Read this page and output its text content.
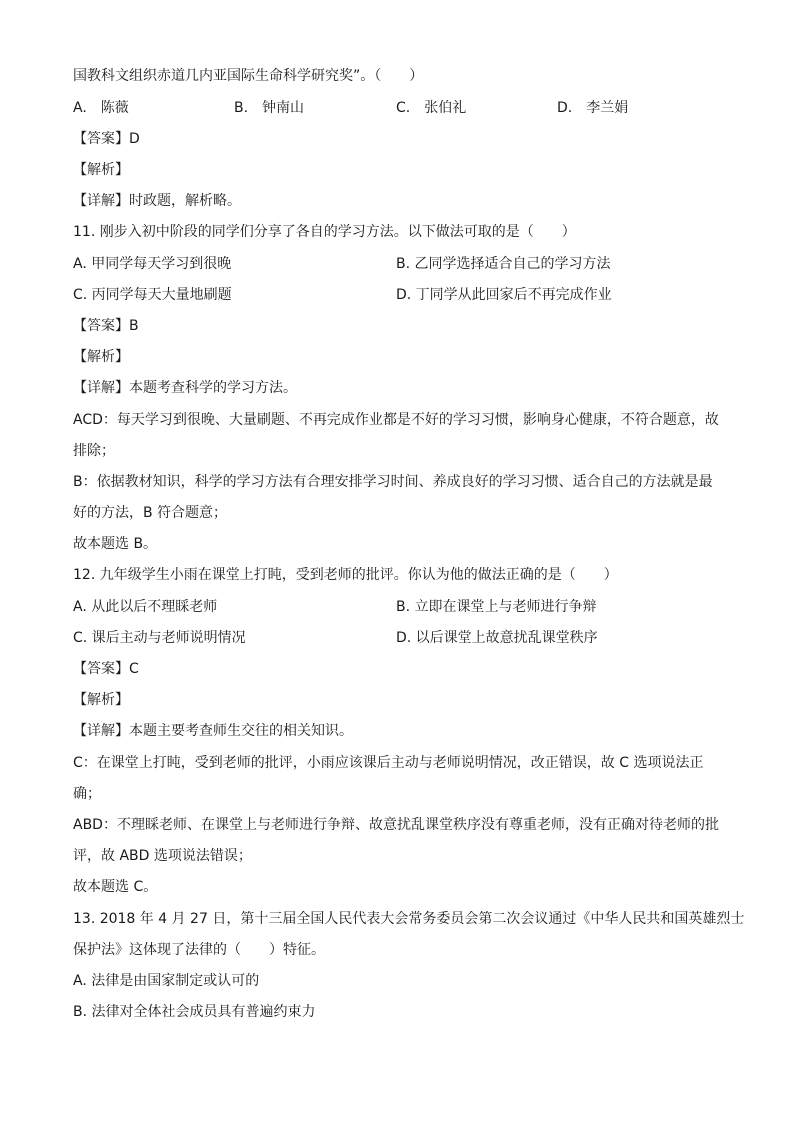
国教科文组织赤道几内亚国际生命科学研究奖”。（　　）
A.　陈薇	B.　钟南山	C.　张伯礼	D.　李兰娟
【答案】D
【解析】
【详解】时政题，解析略。
11. 刚步入初中阶段的同学们分享了各自的学习方法。以下做法可取的是（　　）
A. 甲同学每天学习到很晚	B. 乙同学选择适合自己的学习方法
C. 丙同学每天大量地刷题	D. 丁同学从此回家后不再完成作业
【答案】B
【解析】
【详解】本题考查科学的学习方法。
ACD：每天学习到很晚、大量刷题、不再完成作业都是不好的学习习惯，影响身心健康，不符合题意，故
排除；
B：依据教材知识，科学的学习方法有合理安排学习时间、养成良好的学习习惯、适合自己的方法就是最
好的方法，B 符合题意；
故本题选 B。
12. 九年级学生小雨在课堂上打盹，受到老师的批评。你认为他的做法正确的是（　　）
A. 从此以后不理睬老师	B. 立即在课堂上与老师进行争辩
C. 课后主动与老师说明情况	D. 以后课堂上故意扰乱课堂秩序
【答案】C
【解析】
【详解】本题主要考查师生交往的相关知识。
C：在课堂上打盹，受到老师的批评，小雨应该课后主动与老师说明情况，改正错误，故 C 选项说法正
确；
ABD：不理睬老师、在课堂上与老师进行争辩、故意扰乱课堂秩序没有尊重老师，没有正确对待老师的批
评，故 ABD 选项说法错误；
故本题选 C。
13. 2018 年 4 月 27 日，第十三届全国人民代表大会常务委员会第二次会议通过《中华人民共和国英雄烈士
保护法》这体现了法律的（　　）特征。
A. 法律是由国家制定或认可的
B. 法律对全体社会成员具有普遍约束力
